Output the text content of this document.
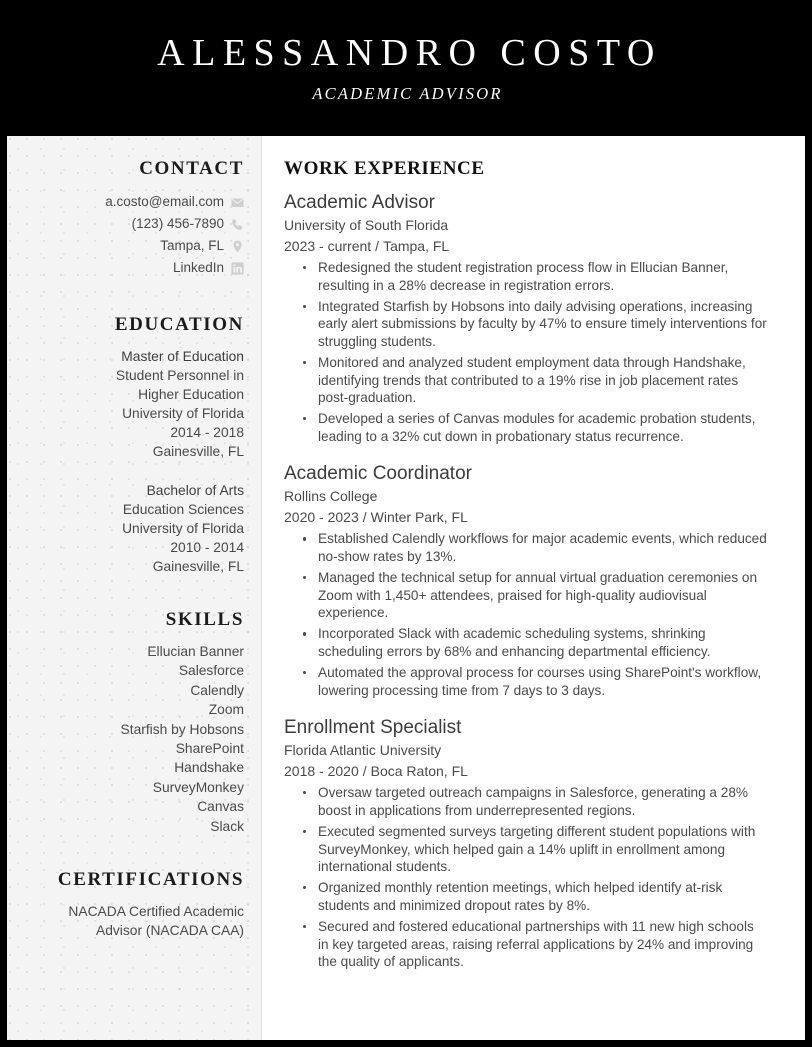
ALESSANDRO COSTO
ACADEMIC ADVISOR
CONTACT
a.costo@email.com
(123) 456-7890
Tampa, FL
LinkedIn
EDUCATION
Master of Education
Student Personnel in
Higher Education
University of Florida
2014 - 2018
Gainesville, FL
Bachelor of Arts
Education Sciences
University of Florida
2010 - 2014
Gainesville, FL
SKILLS
Ellucian Banner
Salesforce
Calendly
Zoom
Starfish by Hobsons
SharePoint
Handshake
SurveyMonkey
Canvas
Slack
CERTIFICATIONS
NACADA Certified Academic
Advisor (NACADA CAA)
WORK EXPERIENCE
Academic Advisor
University of South Florida
2023 - current / Tampa, FL
Redesigned the student registration process flow in Ellucian Banner, resulting in a 28% decrease in registration errors.
Integrated Starfish by Hobsons into daily advising operations, increasing early alert submissions by faculty by 47% to ensure timely interventions for struggling students.
Monitored and analyzed student employment data through Handshake, identifying trends that contributed to a 19% rise in job placement rates post-graduation.
Developed a series of Canvas modules for academic probation students, leading to a 32% cut down in probationary status recurrence.
Academic Coordinator
Rollins College
2020 - 2023 / Winter Park, FL
Established Calendly workflows for major academic events, which reduced no-show rates by 13%.
Managed the technical setup for annual virtual graduation ceremonies on Zoom with 1,450+ attendees, praised for high-quality audiovisual experience.
Incorporated Slack with academic scheduling systems, shrinking scheduling errors by 68% and enhancing departmental efficiency.
Automated the approval process for courses using SharePoint's workflow, lowering processing time from 7 days to 3 days.
Enrollment Specialist
Florida Atlantic University
2018 - 2020 / Boca Raton, FL
Oversaw targeted outreach campaigns in Salesforce, generating a 28% boost in applications from underrepresented regions.
Executed segmented surveys targeting different student populations with SurveyMonkey, which helped gain a 14% uplift in enrollment among international students.
Organized monthly retention meetings, which helped identify at-risk students and minimized dropout rates by 8%.
Secured and fostered educational partnerships with 11 new high schools in key targeted areas, raising referral applications by 24% and improving the quality of applicants.
